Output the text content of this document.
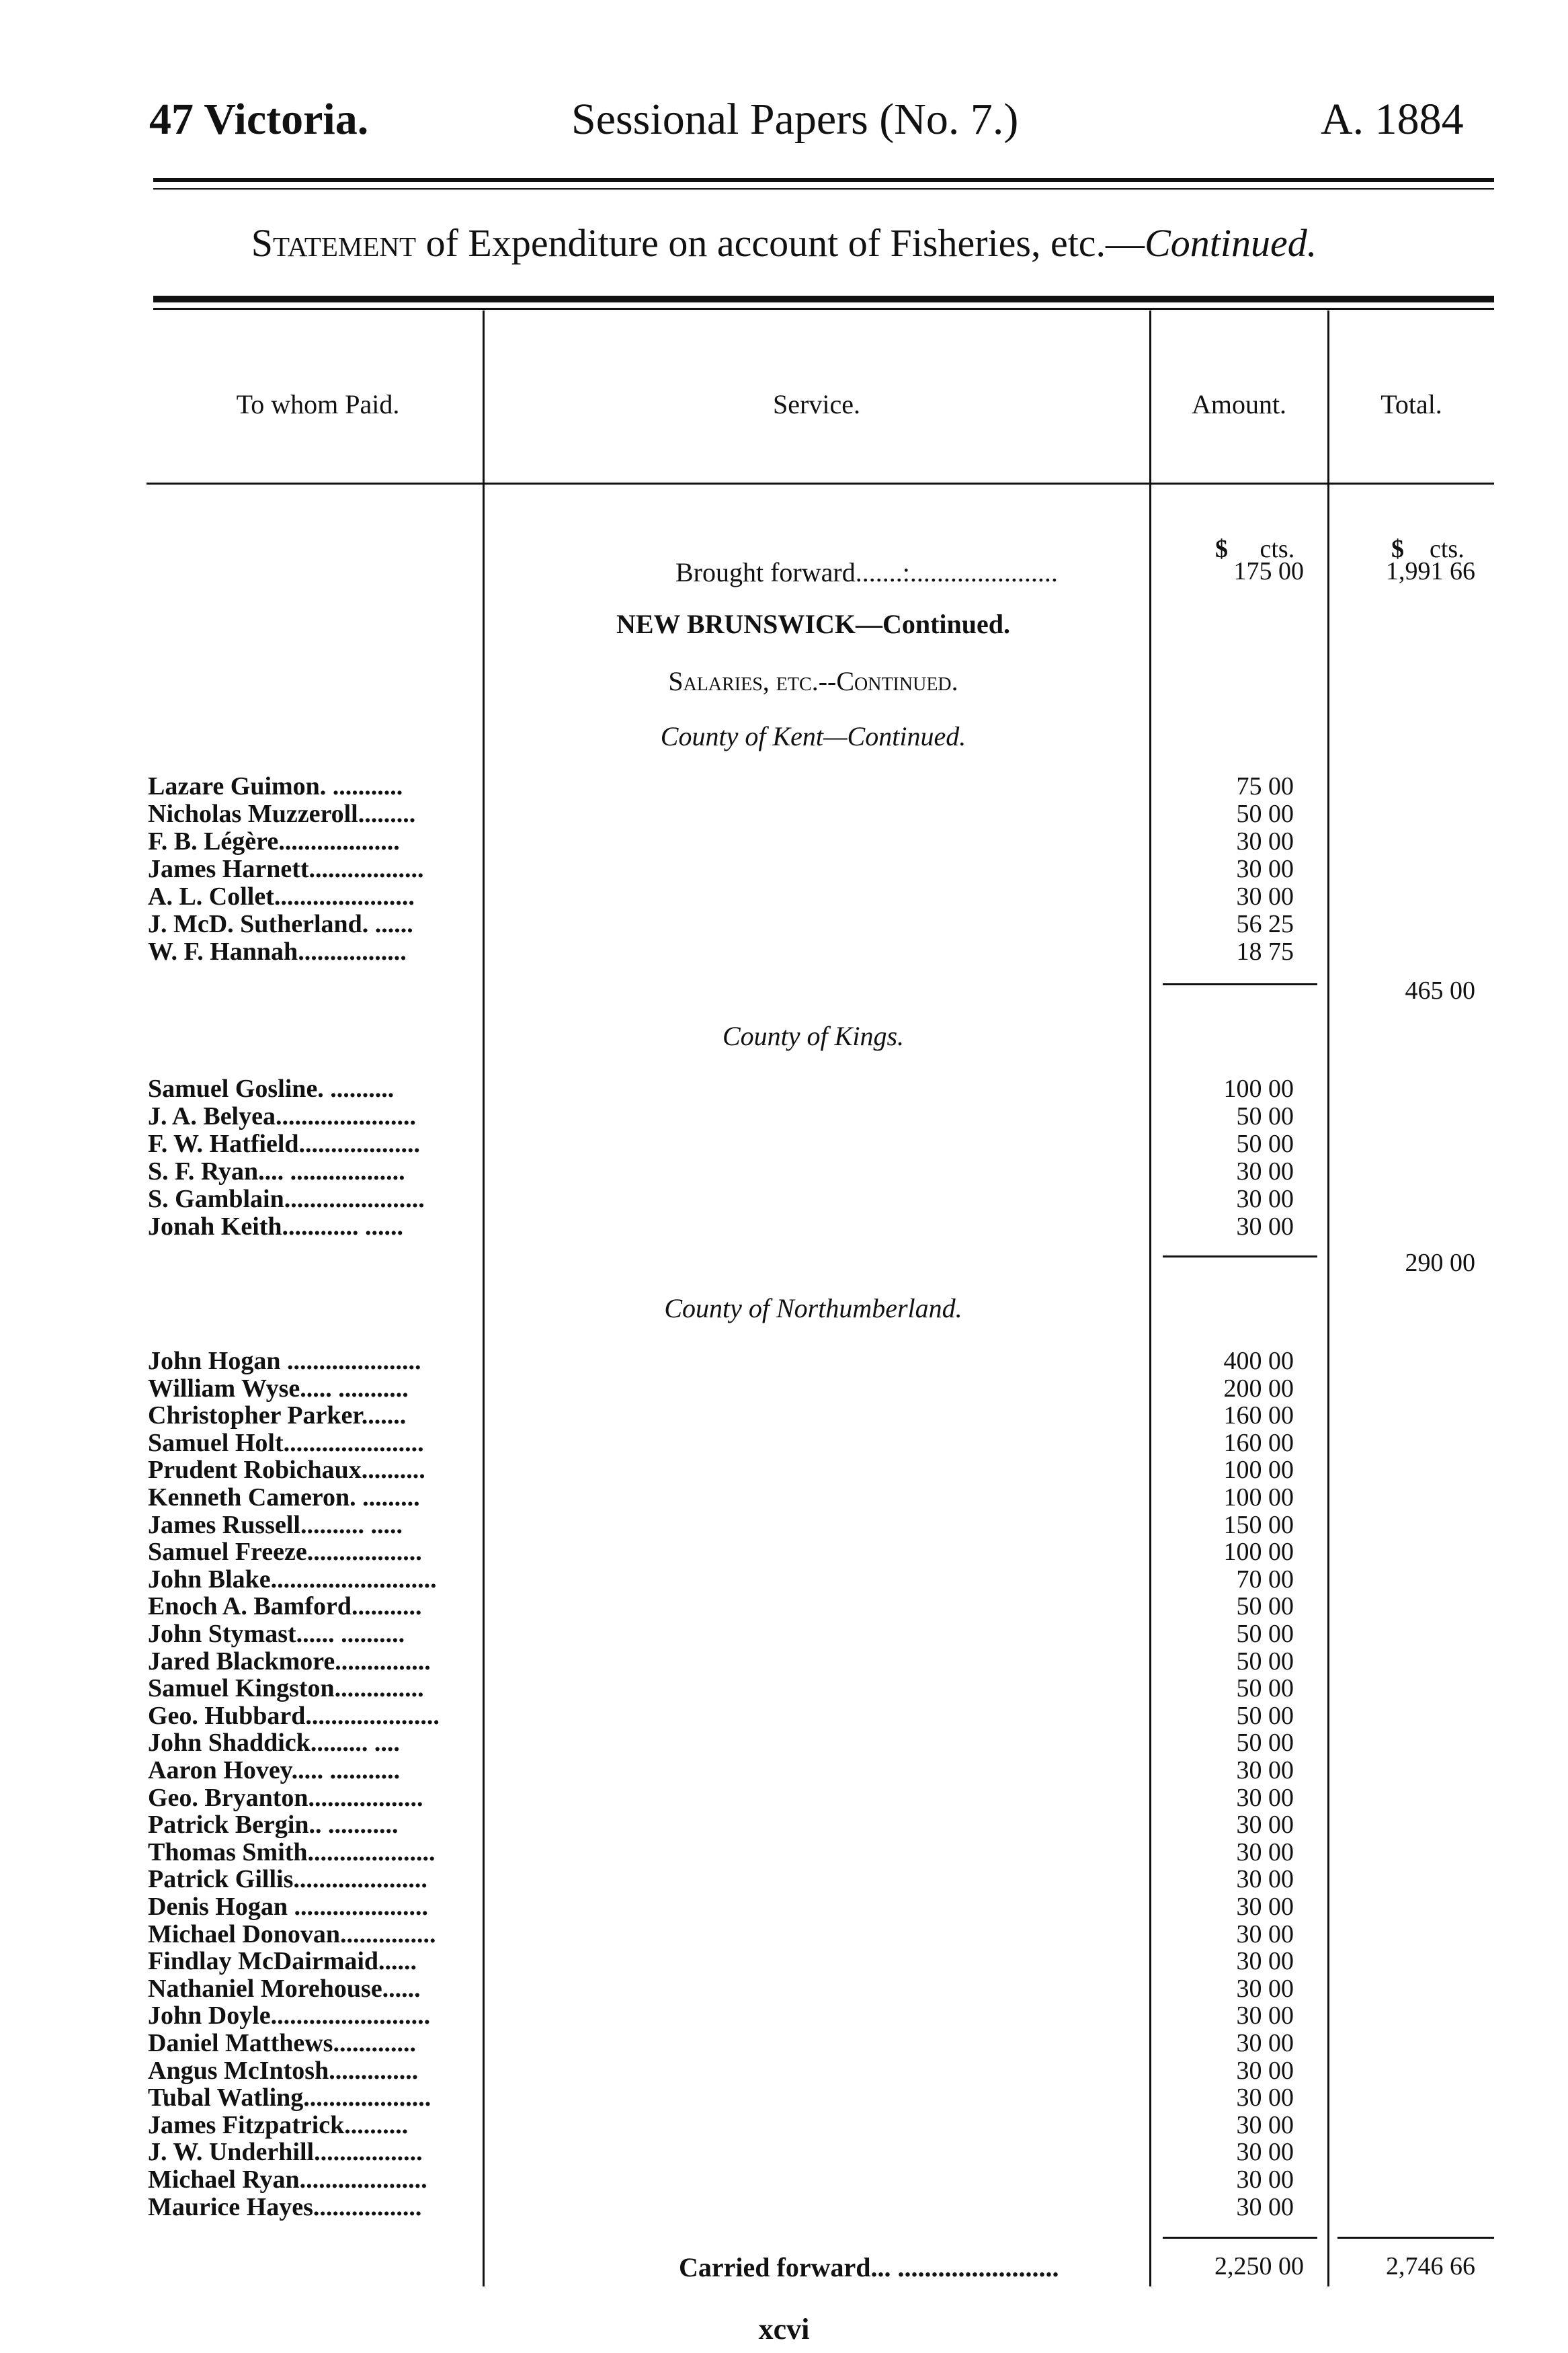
47 Victoria.	Sessional Papers (No. 7.)	A. 1884
Statement of Expenditure on account of Fisheries, etc.—Continued.
To whom Paid.	Service.	Amount.	Total.
$ cts.	$ cts.
Brought forward.......:......................	175 00	1,991 66
NEW BRUNSWICK—Continued.
Salaries, etc.--Continued.
County of Kent—Continued.
Lazare Guimon. ...........	75 00
Nicholas Muzzeroll.........	50 00
F. B. Légère...................	30 00
James Harnett..................	30 00
A. L. Collet......................	30 00
J. McD. Sutherland. ......	56 25
W. F. Hannah.................	18 75
465 00
County of Kings.
Samuel Gosline. ..........	100 00
J. A. Belyea......................	50 00
F. W. Hatfield...................	50 00
S. F. Ryan.... ..................	30 00
S. Gamblain......................	30 00
Jonah Keith............ ......	30 00
290 00
County of Northumberland.
John Hogan .....................	400 00
William Wyse..... ...........	200 00
Christopher Parker.......	160 00
Samuel Holt......................	160 00
Prudent Robichaux..........	100 00
Kenneth Cameron. .........	100 00
James Russell.......... .....	150 00
Samuel Freeze..................	100 00
John Blake..........................	70 00
Enoch A. Bamford...........	50 00
John Stymast...... ..........	50 00
Jared Blackmore...............	50 00
Samuel Kingston..............	50 00
Geo. Hubbard.....................	50 00
John Shaddick......... ....	50 00
Aaron Hovey..... ...........	30 00
Geo. Bryanton..................	30 00
Patrick Bergin.. ...........	30 00
Thomas Smith....................	30 00
Patrick Gillis.....................	30 00
Denis Hogan .....................	30 00
Michael Donovan...............	30 00
Findlay McDairmaid......	30 00
Nathaniel Morehouse......	30 00
John Doyle.........................	30 00
Daniel Matthews.............	30 00
Angus McIntosh..............	30 00
Tubal Watling....................	30 00
James Fitzpatrick..........	30 00
J. W. Underhill.................	30 00
Michael Ryan....................	30 00
Maurice Hayes.................	30 00
Carried forward... ........................	2,250 00	2,746 66
xcvi
